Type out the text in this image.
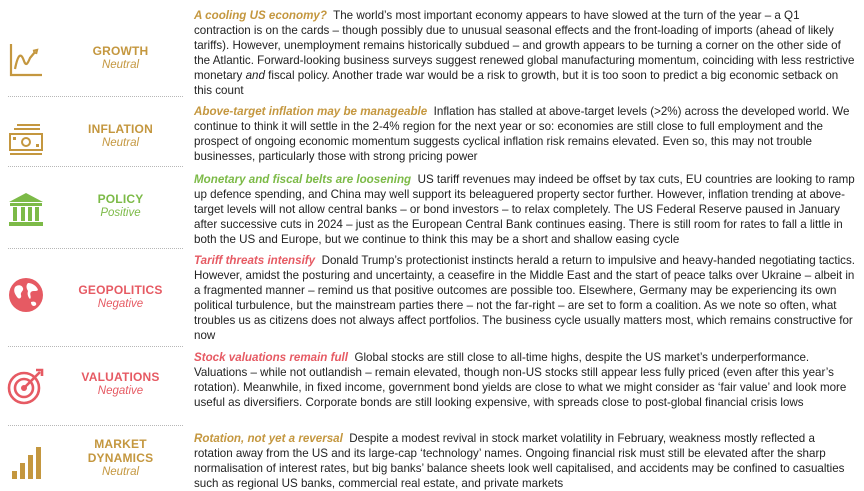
GROWTH
Neutral
A cooling US economy? The world’s most important economy appears to have slowed at the turn of the year – a Q1 contraction is on the cards – though possibly due to unusual seasonal effects and the front-loading of imports (ahead of likely tariffs). However, unemployment remains historically subdued – and growth appears to be turning a corner on the other side of the Atlantic. Forward-looking business surveys suggest renewed global manufacturing momentum, coinciding with less restrictive monetary and fiscal policy. Another trade war would be a risk to growth, but it is too soon to predict a big economic setback on this count
INFLATION
Neutral
Above-target inflation may be manageable Inflation has stalled at above-target levels (>2%) across the developed world. We continue to think it will settle in the 2-4% region for the next year or so: economies are still close to full employment and the prospect of ongoing economic momentum suggests cyclical inflation risk remains elevated. Even so, this may not trouble businesses, particularly those with strong pricing power
POLICY
Positive
Monetary and fiscal belts are loosening US tariff revenues may indeed be offset by tax cuts, EU countries are looking to ramp up defence spending, and China may well support its beleaguered property sector further. However, inflation trending at above-target levels will not allow central banks – or bond investors – to relax completely. The US Federal Reserve paused in January after successive cuts in 2024 – just as the European Central Bank continues easing. There is still room for rates to fall a little in both the US and Europe, but we continue to think this may be a short and shallow easing cycle
GEOPOLITICS
Negative
Tariff threats intensify Donald Trump’s protectionist instincts herald a return to impulsive and heavy-handed negotiating tactics. However, amidst the posturing and uncertainty, a ceasefire in the Middle East and the start of peace talks over Ukraine – albeit in a fragmented manner – remind us that positive outcomes are possible too. Elsewhere, Germany may be experiencing its own political turbulence, but the mainstream parties there – not the far-right – are set to form a coalition. As we note so often, what troubles us as citizens does not always affect portfolios. The business cycle usually matters most, which remains constructive for now
VALUATIONS
Negative
Stock valuations remain full Global stocks are still close to all-time highs, despite the US market’s underperformance. Valuations – while not outlandish – remain elevated, though non-US stocks still appear less fully priced (even after this year’s rotation). Meanwhile, in fixed income, government bond yields are close to what we might consider as ‘fair value’ and look more useful as diversifiers. Corporate bonds are still looking expensive, with spreads close to post-global financial crisis lows
MARKET
DYNAMICS
Neutral
Rotation, not yet a reversal Despite a modest revival in stock market volatility in February, weakness mostly reflected a rotation away from the US and its large-cap ‘technology’ names. Ongoing financial risk must still be elevated after the sharp normalisation of interest rates, but big banks’ balance sheets look well capitalised, and accidents may be confined to casualties such as regional US banks, commercial real estate, and private markets
